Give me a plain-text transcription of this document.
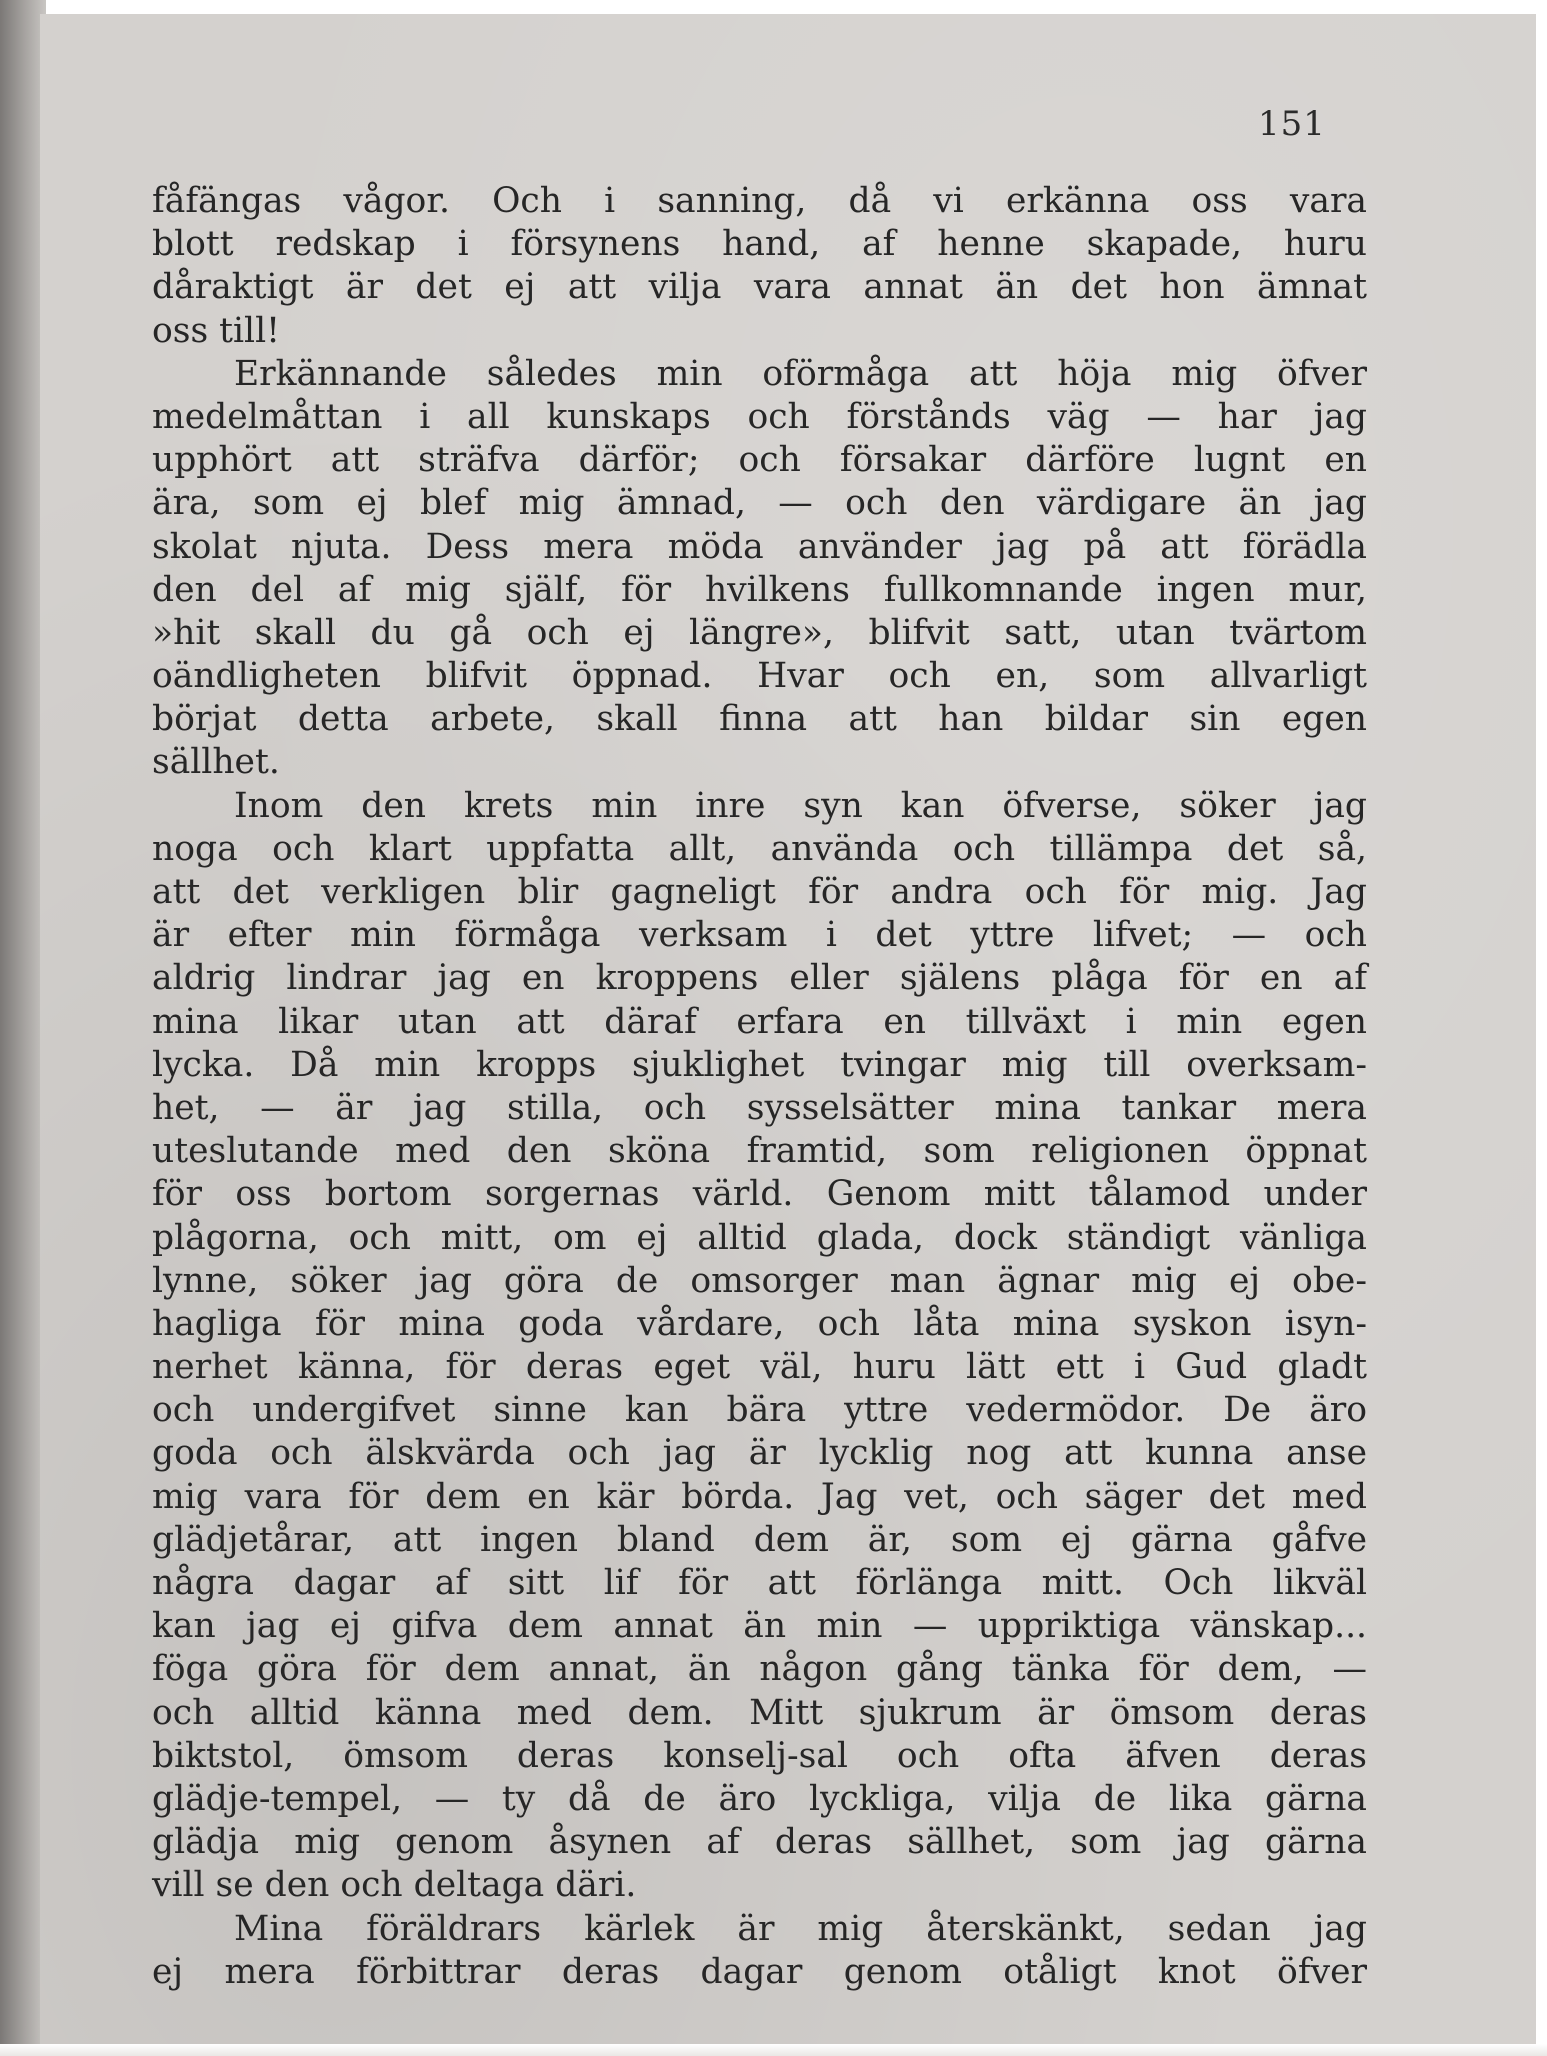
151

fåfängas vågor. Och i sanning, då vi erkänna oss vara
blott redskap i försynens hand, af henne skapade, huru
dåraktigt är det ej att vilja vara annat än det hon ämnat
oss till!
Erkännande således min oförmåga att höja mig öfver
medelmåttan i all kunskaps och förstånds väg — har jag
upphört att sträfva därför; och försakar därföre lugnt en
ära, som ej blef mig ämnad, — och den värdigare än jag
skolat njuta. Dess mera möda använder jag på att förädla
den del af mig själf, för hvilkens fullkomnande ingen mur,
»hit skall du gå och ej längre», blifvit satt, utan tvärtom
oändligheten blifvit öppnad. Hvar och en, som allvarligt
börjat detta arbete, skall finna att han bildar sin egen
sällhet.
Inom den krets min inre syn kan öfverse, söker jag
noga och klart uppfatta allt, använda och tillämpa det så,
att det verkligen blir gagneligt för andra och för mig. Jag
är efter min förmåga verksam i det yttre lifvet; — och
aldrig lindrar jag en kroppens eller själens plåga för en af
mina likar utan att däraf erfara en tillväxt i min egen
lycka. Då min kropps sjuklighet tvingar mig till overksam-
het, — är jag stilla, och sysselsätter mina tankar mera
uteslutande med den sköna framtid, som religionen öppnat
för oss bortom sorgernas värld. Genom mitt tålamod under
plågorna, och mitt, om ej alltid glada, dock ständigt vänliga
lynne, söker jag göra de omsorger man ägnar mig ej obe-
hagliga för mina goda vårdare, och låta mina syskon isyn-
nerhet känna, för deras eget väl, huru lätt ett i Gud gladt
och undergifvet sinne kan bära yttre vedermödor. De äro
goda och älskvärda och jag är lycklig nog att kunna anse
mig vara för dem en kär börda. Jag vet, och säger det med
glädjetårar, att ingen bland dem är, som ej gärna gåfve
några dagar af sitt lif för att förlänga mitt. Och likväl
kan jag ej gifva dem annat än min — uppriktiga vänskap...
föga göra för dem annat, än någon gång tänka för dem, —
och alltid känna med dem. Mitt sjukrum är ömsom deras
biktstol, ömsom deras konselj-sal och ofta äfven deras
glädje-tempel, — ty då de äro lyckliga, vilja de lika gärna
glädja mig genom åsynen af deras sällhet, som jag gärna
vill se den och deltaga däri.
Mina föräldrars kärlek är mig återskänkt, sedan jag
ej mera förbittrar deras dagar genom otåligt knot öfver
